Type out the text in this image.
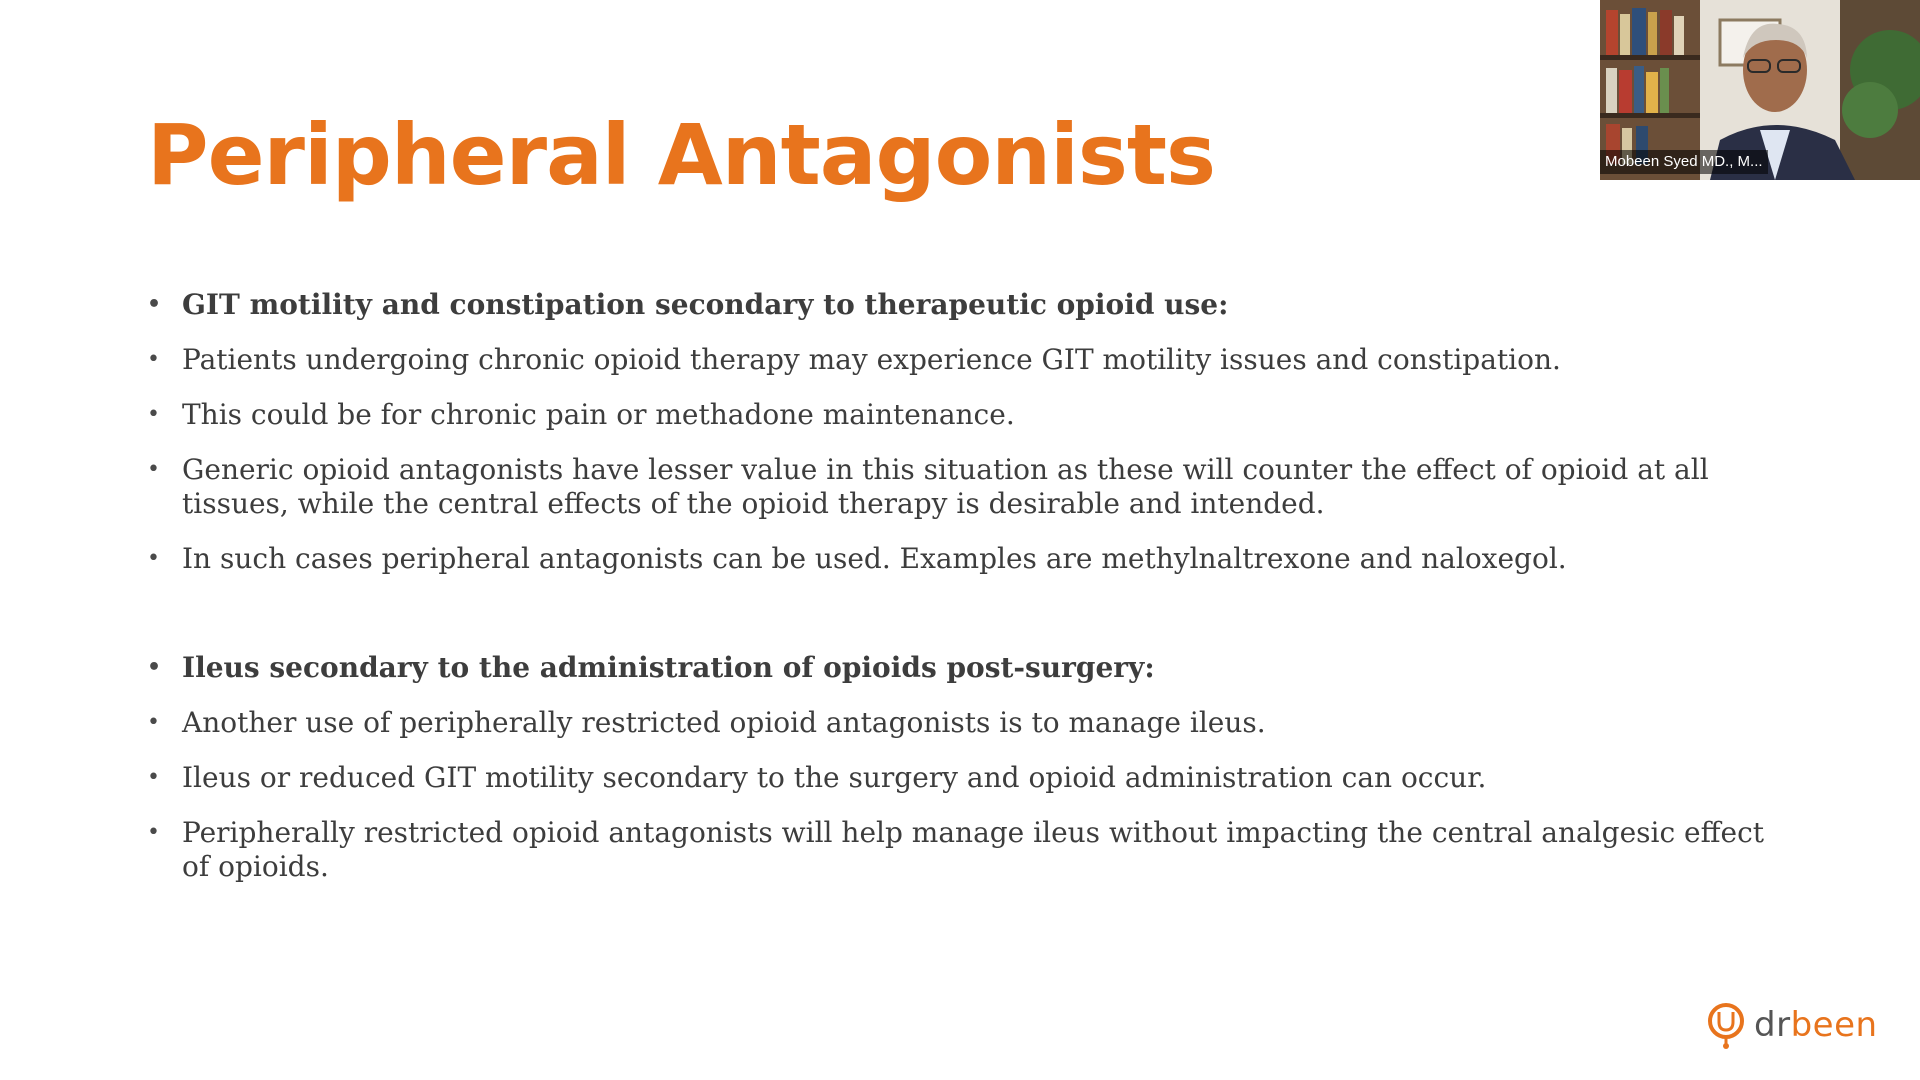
Peripheral Antagonists
• GIT motility and constipation secondary to therapeutic opioid use:
• Patients undergoing chronic opioid therapy may experience GIT motility issues and constipation.
• This could be for chronic pain or methadone maintenance.
• Generic opioid antagonists have lesser value in this situation as these will counter the effect of opioid at all tissues, while the central effects of the opioid therapy is desirable and intended.
• In such cases peripheral antagonists can be used. Examples are methylnaltrexone and naloxegol.
• Ileus secondary to the administration of opioids post-surgery:
• Another use of peripherally restricted opioid antagonists is to manage ileus.
• Ileus or reduced GIT motility secondary to the surgery and opioid administration can occur.
• Peripherally restricted opioid antagonists will help manage ileus without impacting the central analgesic effect of opioids.
Mobeen Syed MD., M...
drbeen
